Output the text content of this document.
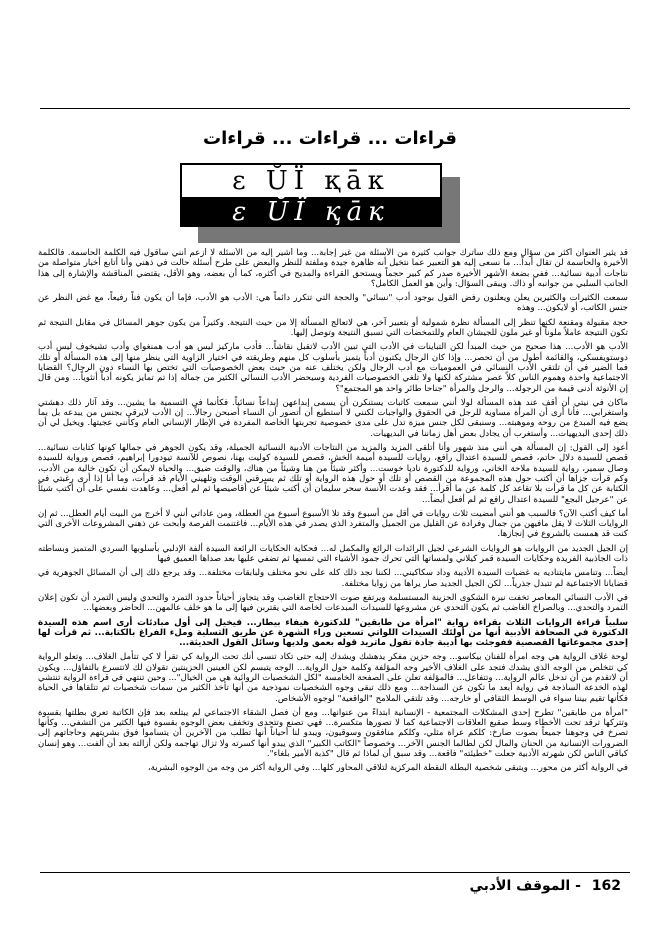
قراءات ... قراءات ... قراءات
ɛ ŬЇ қāк
ɛ ŬЇ қāк

قد يثير العنوان أكثر من سؤال ومع ذلك سأترك جوانب كثيرة من الأسئلة من غير إجابة... وما أشير إليه من الأسئلة لا أزعم أنني سأقول فيه الكلمة الحاسمة. فالكلمة الأخيرة والحاسمة لن تقال أبداً... ما نسعى إليه هو التعبير عما نتخيل أنه ظاهرة جيدة وملفتة للنظر والبعض على طرح أسئلة حالت في ذهني وأنا أتابع أخبار متواصلة من نتاجات أدبية نسائية... ففي بضعة الأشهر الأخيرة صدر كم كبير حجماً ويستحق القراءة والمديح في أكثره، كما أن بعضه، وهو الأقل، يقتضي المناقشة والإشارة إلى هذا الجانب السلبي من جوانبه أو ذاك. ويبقى السؤال: وأين هو العمل الكامل؟

سمعت الكثيرات والكثيرين يعلن ويعلنون رفض القول بوجود أدب "نسائي" والحجة التي تتكرر دائماً هي: الأدب هو الأدب، فإما أن يكون فناً رفيعاً، مع غض النظر عن جنس الكاتب، أو لايكون... وهذه

حجة مقبولة ومقنعة لكنها تنظر إلى المسألة نظرة شمولية أو بتعبير آخر، هي لاتعالج المسألة إلا من حيث النتيجة. وكثيراً من يكون جوهر المسائل في مقابل النتيجة ثم تكون النتيجة عاملاً ملوناً أو غير ملون للجيشان العام وللتمخضات التي تسبق النتيجة وتوصل إليها.

الأدب هو الأدب... هذا صحيح من حيث المبدأ لكن التباينات في الأدب التي تبين الأدب لاتقبل نقاشاً... فأدب ماركيز ليس هو أدب همنغواي وأدب تشيخوف ليس أدب دوستويفسكي، والقائمة أطول من أن تحصر... وإذا كان الرجال يكتبون أدباً يتميز بأسلوب كل منهم وطريقته في اختيار الزاوية التي ينظر منها إلى هذه المسألة أو تلك فما الضير في أن تلتقي الأدب النسائي في العموميات مع أدب الرجال ولكن يختلف عنه من حيث بعض الخصوصيات التي تختص بها النساء دون الرجال؟ القضايا الاجتماعية واحدة وهموم الناس كلاً عصر مشتركة لكنها ولا تلغي الخصوصيات الفردية وسيحضر الأدب النسائي الكثير من جماله إذا تم تمايز يكونه أدباً أنثوياً... ومن قال إن الأنوثة أدنى قيمة من الرجولة... والرجل والمرأة "جناحا طائر واحد هو المجتمع"؟

ماكان في نيتي أن أقف عند هذه المسألة لولا أنني سمعت كاتبات يستنكرن أن يسمى إبداعهن إبداعاً نسائياً. فكأنما في التسمية ما يشين... وقد آثار ذلك دهشتي واستغرابي... فأنا أرى أن المرأة مساوية للرجل في الحقوق والواجبات لكنني لا أستطيع أن أتصور أن النساء أصبحن رجالاً... إن الأدب لايرقى بجنس من يبدعه بل بما يضع فيه المبدع من روحه وموهبته... وسنبقى لكل جنس ميزة تدل على مدى خصوصية تجربتها الخاصة المفردة في الإطار الإنساني العام وكأنني عجيتها. ويخيل لي أن ذلك إحدى البديهيات... وأستغرب أن يجادل بعض أهل زماننا في البديهيات.

أعود إلى القول: إن المسألة هي أنني منذ شهور وأنا أتلقى المزيد والمزيد من النتاجات الأدبية النسائية الجميلة، وقد يكون الجوهر في جمالها كونها كتابات نسائية... قصص للسيدة دلال حاتم، قصص للسيدة اعتدال رافع، روايات للسيدة أميمة الخش، قصص للسيدة كوليت بهنا، نصوص للآنسة تيودورا إبراهيم، قصص ورواية للسيدة وصال سمير، رواية للسيدة ملاحة الخاني، ورواية للدكتورة ناديا خوست... وأكثر شيئاً من هنا وشيئاً من هناك، والوقت ضيق... والحياة لايمكن أن تكون خالية من الأدب، وكم قرأت جزاها أن أكتب حول هذه المجموعة من القصص أو تلك أو حول هذه الرواية أو تلك ثم يسرقني الوقت وتلهيني الأيام قد قرأت، وما أنا إذا أرى رغبتي في الكتابة عن كل ما قرأت بلا تقاعد كل كلمة عن ما أقرأ... فقد وعدت الأنسة سحر سليمان أن أكتب شيئاً عن أقاصيصها ثم لم أفعل... وعاهدت نفسي على أن أكتب شيئاً عن "عرجيل البجع" للسيدة اعتدال رافع ثم لم أفعل أيضاً...

أما كيف أكتب الآن؟ فالسبب هو أنني أمضيت ثلاث روايات في أقل من أسبوع وقد تلا الأسبوع أسبوع من العطلة، ومن عاداتي أنني لا أخرج من البيت أيام العطل... ثم إن الروايات الثلاث لا يقل مافيهن من جمال وفرادة عن القليل من الجميل والمتفرد الذي يصدر في هذه الأيام... فاغتنمت الفرصة وأبحت عن ذهني المشروعات الأخرى التي كنت قد همست بالشروع في إنجازها.

إن الجيل الجديد من الروايات هو الروايات الشرعي لجيل الرائدات الرائع والمكمل له... فحكاية الحكايات الرائعة السيدة ألفة الإدلبي بأسلوبها السردي المتميز وبساطته ذات الجاذبية الفريدة وحكايات السيدة قمر كيلاني ولمساتها التي تحرك جمود الأشياء التي تمسها ثم تضفي عليها بعد صداها العميق فيها

أيضاً... وتنامس مايتناديه به غضبات السيدة الأديبة وداد سكاكيني... لكننا نجد ذلك كله على نحو مختلف ولبابقات مختلفة... وقد يرجع ذلك إلى أن المسائل الجوهرية في قضايانا الاجتماعية لم تتبدل جذرياً... لكن الجيل الجديد صار يراها من زوايا مختلفة.

في الأدب النسائي المعاصر تخفت نبرة الشكوى الحزينة المستسلمة ويرتفع صوت الاحتجاج الغاضب وقد يتجاوز أحياناً حدود التمرد والتحدي وليس التمرد أن تكون إعلان التمرد والتحدي... وبالصراخ الغاضب ثم يكون التحدي عن مشروعها للسيدات المبدعات لخاصة التي يقتربن فيها إلى ما هو خلف عالمهن... الحاضر وبعضها...

سلبياً قراءة الروايات الثلاث بقراءة رواية "امرأة من طابقين" للدكتورة هيفاء بيطار... فيخيل إلى أول مبادئات أرى اسم هذه السيدة الدكتورة في الصحافة الأدبية أنها من أولئك السيدات اللواتي تسعين وراء الشهرة عن طريق التسلية وملء الفراغ بالكتابة... ثم قرأت لها إحدى مجموعاتها القصصية ففوجئت بها أديبة جادة تقول ماتريد قوله بعمق ولديها وسائل القول الحديثة...

لوحة غلاف الرواية هي وجه امرأة للفنان بيكاسو... وجه حزين مفكر يدهشك ويشدك إليه حتى تكاد تنسى أنك تحت الرواية كي تقرأ لا كي تتأمل الغلاف... وتعلو الرواية كي تتخلص من الوجه الذي يشدك فتجد على الغلاف الأخير وجه المؤلفة وكلمة حول الرواية... الوجه يتبسم لكن العينين الحزينتين تقولان لك لاتتسرع بالتفاؤل... ويكون أن لاتقدم من أن تدخل عالم الرواية... وتتفاعل... فالمؤلفة تعلن على الصفحة الخامسة "لكل الشخصيات الروائية هي من الخيال"... وحين تنتهي في قراءة الرواية تنتشي لهذه الخدعة الساذجة في رواية أبعد ما تكون عن السذاجة... ومع ذلك تبقى وجوه الشخصيات نموذجية من أنها تأخذ الكثير من سمات شخصيات ثم تتلقاها في الحياة فكأنها تقيم بيننا سواء في الوسط الثقافي أو خارجه... وقد تلتقي الملامح "الواقعية" لوجوه الأشخاص.

"امرأة من طابقين" تطرح إحدى المشكلات المجتمعية - الإنسانية ابتداءً من عنوانها... ومع أن فصل الشقاء الاجتماعي لم يبتلعه بعد فإن الكاتبة تعري بطلتها بقسوة وتتركها ترقد تحت الأخطاء وسط صقيع العلاقات الاجتماعية كما لا تصورها متكسرة... فهي تصنع وتتحدى وتخفف بعض الوجوه بقسوة فيها الكثير من التشفي... وكأنها تصرخ في وجوهنا جميعاً بصوت صارخ: كلكم عراة مثلي، وكلكم منافقون وسوقيون، ويبدو لنا أحياناً أنها تطلب من الآخرين أن يتساموا فوق بشريتهم وحاجاتهم إلى الضرورات الإنسانية من الحنان والمال لكن لطالما الجنس الآخر... وخصوصاً "الكاتب الكبير" الذي يبدو أنها كسرته ولا تزال تهاجمه ولكن أزالته بعد أن ألفت... وهو إنسان كباقي الناس لكن شهرته الأدبية جعلت "خطيئته" فاقعة... وقد سبق أن لماذا ثم قال "كذبة الأمير بلغاء".

في الرواية أكثر من محور... ويتبقى شخصية البطلة النقطة المركزية لتلاقي المحاور كلها... وفي الرواية أكثر من وجه من الوجوه البشرية،

162 - الموقف الأدبي
